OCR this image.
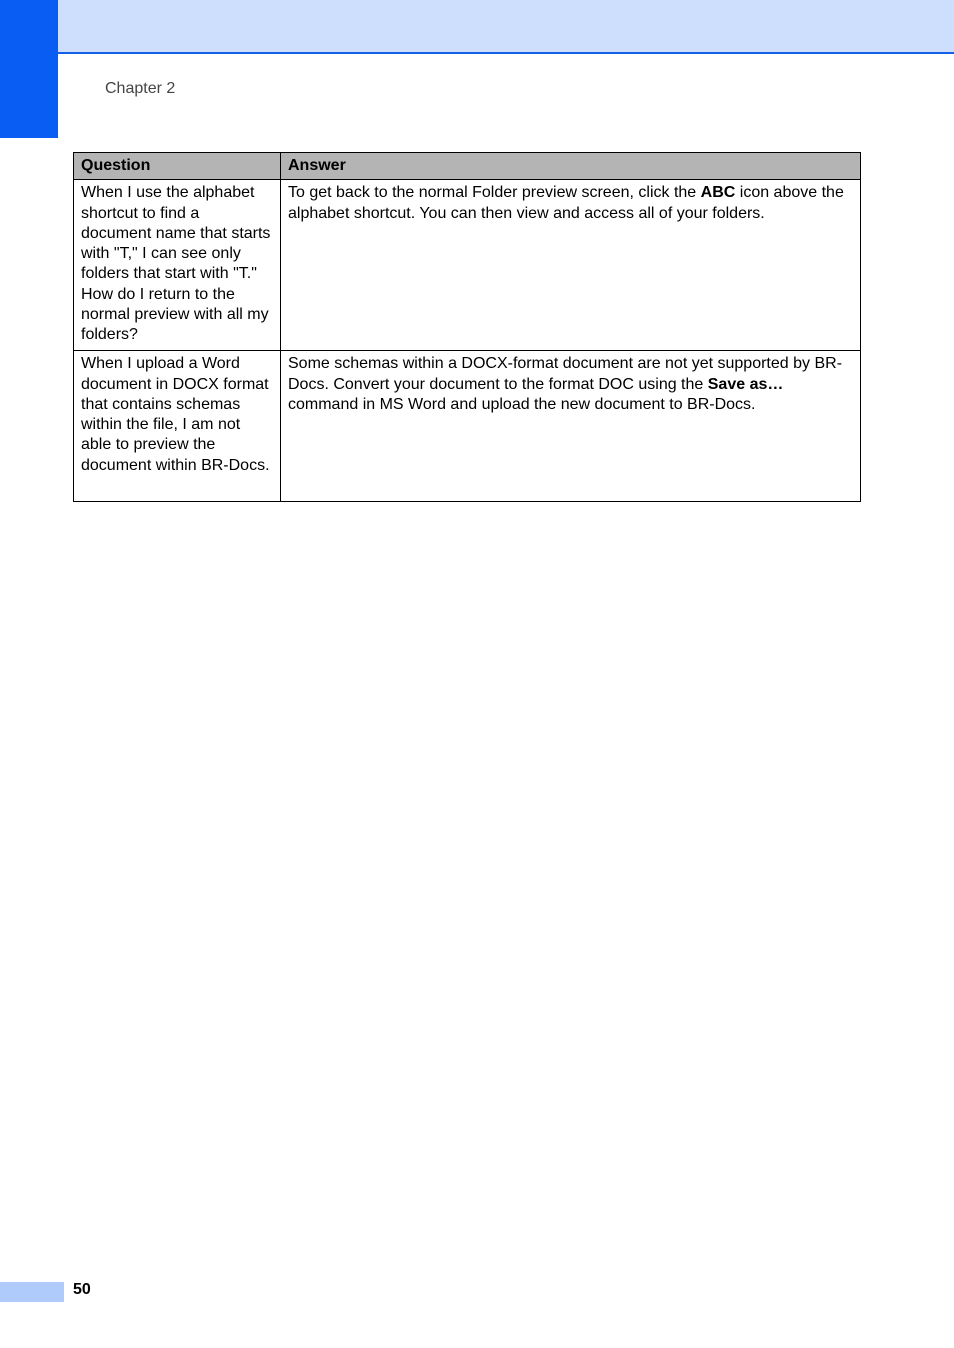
Chapter 2
Question	Answer
When I use the alphabet shortcut to find a document name that starts with "T," I can see only folders that start with "T." How do I return to the normal preview with all my folders?	To get back to the normal Folder preview screen, click the ABC icon above the alphabet shortcut. You can then view and access all of your folders.
When I upload a Word document in DOCX format that contains schemas within the file, I am not able to preview the document within BR-Docs.	Some schemas within a DOCX-format document are not yet supported by BR-Docs. Convert your document to the format DOC using the Save as… command in MS Word and upload the new document to BR-Docs.
50
